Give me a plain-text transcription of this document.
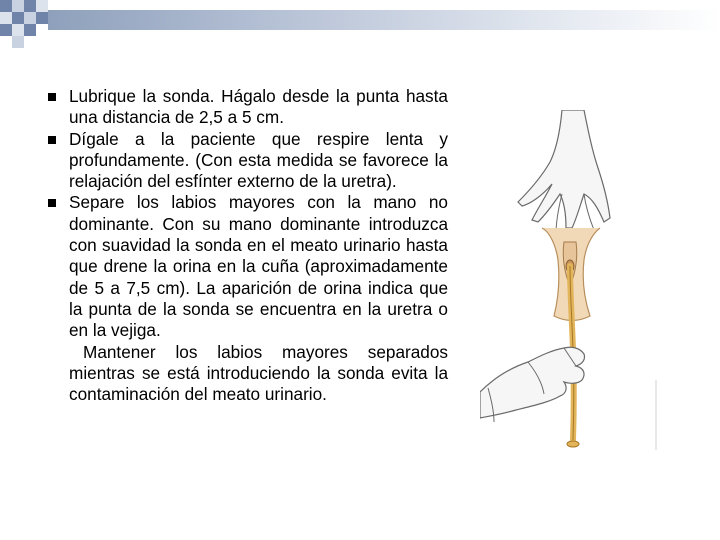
Lubrique la sonda. Hágalo desde la punta hasta una distancia de 2,5 a 5 cm.
Dígale a la paciente que respire lenta y profundamente. (Con esta medida se favorece la relajación del esfínter externo de la uretra).
Separe los labios mayores con la mano no dominante. Con su mano dominante introduzca con suavidad la sonda en el meato urinario hasta que drene la orina en la cuña (aproximadamente de 5 a 7,5 cm). La aparición de orina indica que la punta de la sonda se encuentra en la uretra o en la vejiga.
Mantener los labios mayores separados mientras se está introduciendo la sonda evita la contaminación del meato urinario.
